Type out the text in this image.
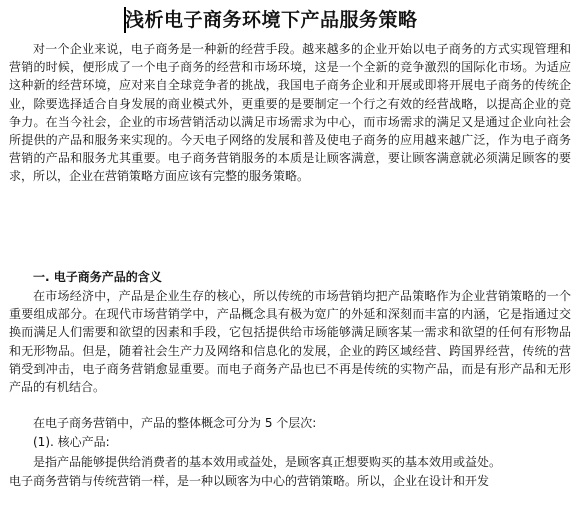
浅析电子商务环境下产品服务策略

对一个企业来说，电子商务是一种新的经营手段。越来越多的企业开始以电子商务的方式实现管理和营销的时候，便形成了一个电子商务的经营和市场环境，这是一个全新的竞争激烈的国际化市场。为适应这种新的经营环境，应对来自全球竞争者的挑战，我国电子商务企业和开展或即将开展电子商务的传统企业，除要选择适合自身发展的商业模式外，更重要的是要制定一个行之有效的经营战略，以提高企业的竞争力。在当今社会，企业的市场营销活动以满足市场需求为中心，而市场需求的满足又是通过企业向社会所提供的产品和服务来实现的。今天电子网络的发展和普及使电子商务的应用越来越广泛，作为电子商务营销的产品和服务尤其重要。电子商务营销服务的本质是让顾客满意，要让顾客满意就必须满足顾客的要求，所以，企业在营销策略方面应该有完整的服务策略。

一. 电子商务产品的含义

在市场经济中，产品是企业生存的核心，所以传统的市场营销均把产品策略作为企业营销策略的一个重要组成部分。在现代市场营销学中，产品概念具有极为宽广的外延和深刻而丰富的内涵，它是指通过交换而满足人们需要和欲望的因素和手段，它包括提供给市场能够满足顾客某一需求和欲望的任何有形物品和无形物品。但是，随着社会生产力及网络和信息化的发展，企业的跨区域经营、跨国界经营，传统的营销受到冲击，电子商务营销愈显重要。而电子商务产品也已不再是传统的实物产品，而是有形产品和无形产品的有机结合。

在电子商务营销中，产品的整体概念可分为 5 个层次:
(1). 核心产品:
是指产品能够提供给消费者的基本效用或益处，是顾客真正想要购买的基本效用或益处。
电子商务营销与传统营销一样，是一种以顾客为中心的营销策略。所以，企业在设计和开发
